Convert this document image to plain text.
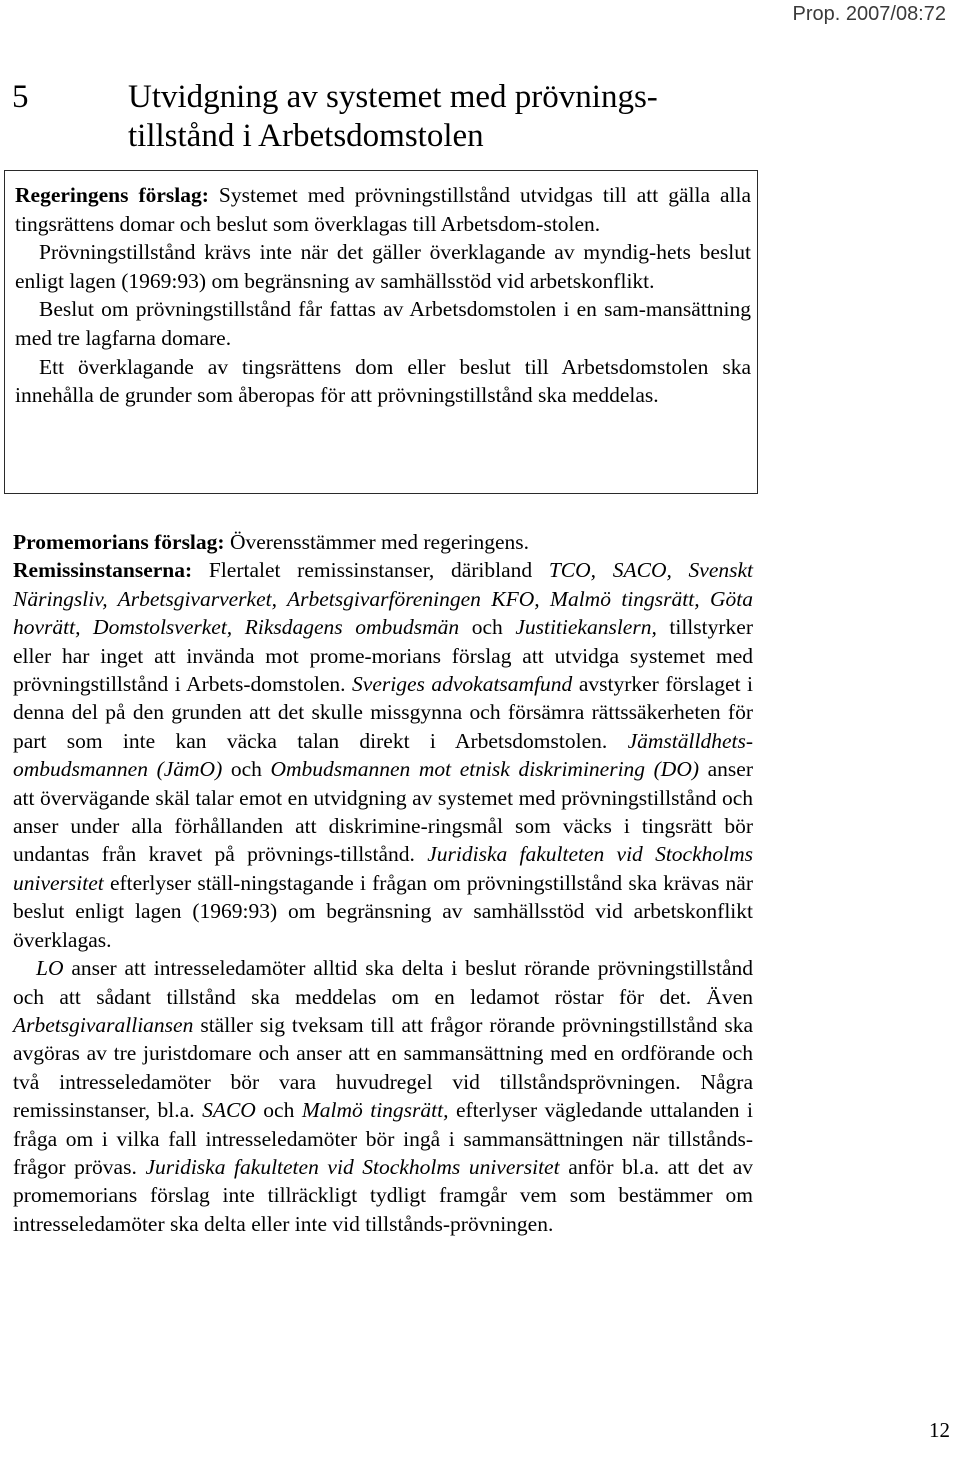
Prop. 2007/08:72
5	Utvidgning av systemet med prövnings-
tillstånd i Arbetsdomstolen

Regeringens förslag: Systemet med prövningstillstånd utvidgas till att gälla alla tingsrättens domar och beslut som överklagas till Arbetsdom-stolen.

Prövningstillstånd krävs inte när det gäller överklagande av myndig-hets beslut enligt lagen (1969:93) om begränsning av samhällsstöd vid arbetskonflikt.

Beslut om prövningstillstånd får fattas av Arbetsdomstolen i en sam-mansättning med tre lagfarna domare.

Ett överklagande av tingsrättens dom eller beslut till Arbetsdomstolen ska innehålla de grunder som åberopas för att prövningstillstånd ska meddelas.

Promemorians förslag: Överensstämmer med regeringens.

Remissinstanserna: Flertalet remissinstanser, däribland TCO, SACO, Svenskt Näringsliv, Arbetsgivarverket, Arbetsgivarföreningen KFO, Malmö tingsrätt, Göta hovrätt, Domstolsverket, Riksdagens ombudsmän och Justitiekanslern, tillstyrker eller har inget att invända mot prome-morians förslag att utvidga systemet med prövningstillstånd i Arbets-domstolen. Sveriges advokatsamfund avstyrker förslaget i denna del på den grunden att det skulle missgynna och försämra rättssäkerheten för part som inte kan väcka talan direkt i Arbetsdomstolen. Jämställdhets-ombudsmannen (JämO) och Ombudsmannen mot etnisk diskriminering (DO) anser att övervägande skäl talar emot en utvidgning av systemet med prövningstillstånd och anser under alla förhållanden att diskrimine-ringsmål som väcks i tingsrätt bör undantas från kravet på prövnings-tillstånd. Juridiska fakulteten vid Stockholms universitet efterlyser ställ-ningstagande i frågan om prövningstillstånd ska krävas när beslut enligt lagen (1969:93) om begränsning av samhällsstöd vid arbetskonflikt överklagas.

LO anser att intresseledamöter alltid ska delta i beslut rörande prövningstillstånd och att sådant tillstånd ska meddelas om en ledamot röstar för det. Även Arbetsgivaralliansen ställer sig tveksam till att frågor rörande prövningstillstånd ska avgöras av tre juristdomare och anser att en sammansättning med en ordförande och två intresseledamöter bör vara huvudregel vid tillståndsprövningen. Några remissinstanser, bl.a. SACO och Malmö tingsrätt, efterlyser vägledande uttalanden i fråga om i vilka fall intresseledamöter bör ingå i sammansättningen när tillstånds-frågor prövas. Juridiska fakulteten vid Stockholms universitet anför bl.a. att det av promemorians förslag inte tillräckligt tydligt framgår vem som bestämmer om intresseledamöter ska delta eller inte vid tillstånds-prövningen.

12
